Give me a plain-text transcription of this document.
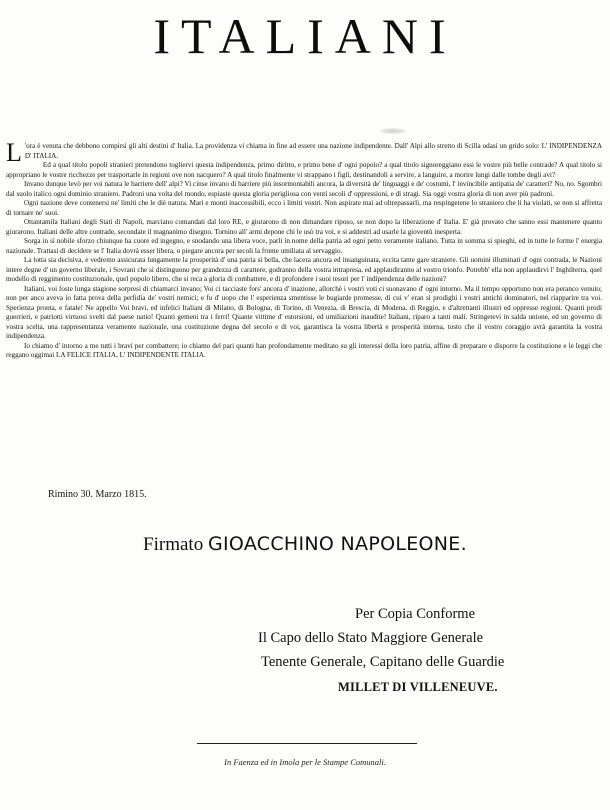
ITALIANI

L 'ora è venuta che debbono compirsi gli alti destini d' Italia. La providenza vi chiama in fine ad essere una nazione indipendente. Dall' Alpi allo stretto di Scilla odasi un grido solo: L' INDIPENDENZA D' ITALIA.

Ed a qual titolo popoli stranieri pretendono togliervi questa indipendenza, primo diritto, e primo bene d' ogni popolo? a qual titolo signoreggiano essi le vostre più belle contrade? A qual titolo si appropriano le vostre ricchezze per trasportarle in regioni ove non nacquero? A qual titolo finalmente vi strappano i figli, destinandoli a servire, a languire, a morire lungi dalle tombe degli avi?

Invano dunque levò per voi natura le barriere dell' alpi? Vi cinse invano di barriere più insormontabili ancora, la diversità de' linguaggi e de' costumi, l' invincibile antipatia de' caratteri? No, no. Sgombri dal suolo italico ogni dominio straniero. Padroni una volta del mondo, espiaste questa gloria perigliosa con venti secoli d' oppressioni, e di stragi. Sia oggi vostra gloria di non aver più padroni.

Ogni nazione deve contenersi ne' limiti che le diè natura. Mari e monti inaccessibili, ecco i limiti vostri. Non aspirate mai ad oltrepassarli, ma respingetene lo straniero che li ha violati, se non si affretta di tornare ne' suoi.

Ottantamila Italiani degli Stati di Napoli, marciano comandati dal loro RE, e giurarono di non dimandare riposo, se non dopo la liberazione d' Italia. E' già provato che sanno essi mantenere quanto giurarono. Italiani delle altre contrade, secondate il magnanimo disegno. Tornino all' armi depone chi le usò tra voi, e si addestri ad usarle la gioventù inesperta.

Sorga in sì nobile sforzo chiunque ha cuore ed ingegno, e snodando una libera voce, parli in nome della patria ad ogni petto veramente italiano. Tutta in somma si spieghi, ed in tutte le forme l' energia nazionale. Trattasi di decidere se l' Italia dovrà esser libera, o piegare ancora per secoli la fronte umiliata al servaggio.

La lotta sia decisiva, e vedremo assicurata lungamente la prosperità d' una patria sì bella, che lacera ancora ed insanguinata, eccita tante gare straniere. Gli uomini illuminati d' ogni contrada, le Nazioni intere degne d' un governo liberale, i Sovrani che si distinguono per grandezza di carattere, godranno della vostra intrapresa, ed applaudiranno al vostro trionfo. Potrebb' ella non applaudirvi l' Inghilterra, quel modello di reggimento costituzionale, quel popolo libero, che si reca a gloria di combattere, e di profondere i suoi tesori per l' indipendenza delle nazioni?

Italiani, voi foste lunga stagione sorpresi di chiamarci invano; Voi ci tacciaste fors' ancora d' inazione, allorchè i vostri voti ci suonavano d' ogni intorno. Ma il tempo opportuno non era peranco venuto; non per anco aveva io fatta prova della perfidia de' vostri nemici; e fu d' uopo che l' esperienza smentisse le bugiarde promesse, di cui v' eran sì prodighi i vostri antichi dominatori, nel riapparire tra voi. Sperienza pronta, e fatale! Ne appello Voi bravi, ed infelici Italiani di Milano, di Bologna, di Torino, di Venezia, di Brescia, di Modena, di Reggio, e d'altrettanti illustri ed oppresse regioni. Quanti prodi guerrieri, e patriotti virtuosi svelti dal paese natio! Quanti gemeni tra i ferri! Quante vittime d' estorsioni, ed umiliazioni inaudite! Italiani, riparo a tanti mali. Stringetevi in salda unione, ed un governo di vostra scelta, una rappresentanza veramente nazionale, una costituzione degna del secolo e di voi, garantisca la vostra libertà e prosperità interna, tosto che il vostro coraggio avrà garantita la vostra indipendenza.

Io chiamo d' intorno a me tutti i bravi per combattere; io chiamo del pari quanti han profondamente meditato su gli interessi della loro patria, affine di preparare e disporre la costituzione e le leggi che reggano oggimai LA FELICE ITALIA, L' INDIPENDENTE ITALIA.

Rimino 30. Marzo 1815.
Firmato GIOACCHINO NAPOLEONE.
Per Copia Conforme
Il Capo dello Stato Maggiore Generale
Tenente Generale, Capitano delle Guardie
MILLET DI VILLENEUVE.
In Faenza ed in Imola per le Stampe Comunali.
